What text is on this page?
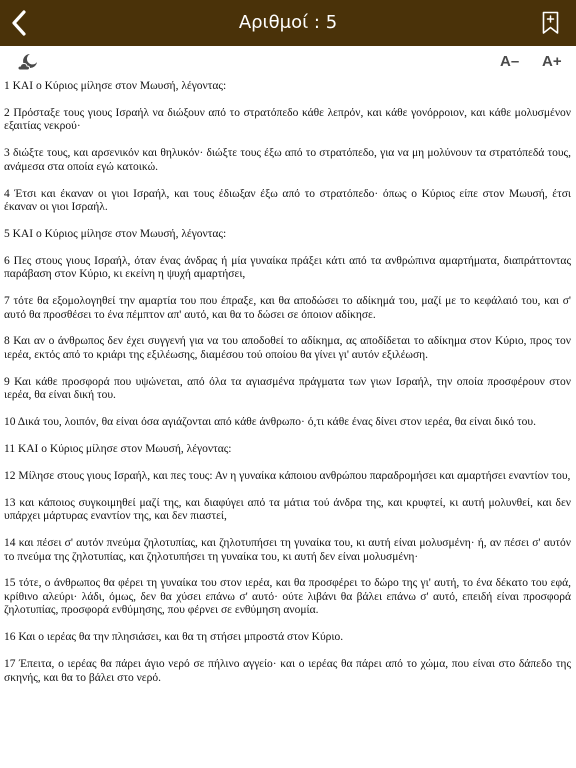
Αριθμοί : 5
A– A+

1 ΚΑΙ ο Κύριος μίλησε στον Μωυσή, λέγοντας:

2 Πρόσταξε τους γιους Ισραήλ να διώξουν από το στρατόπεδο κάθε λεπρόν, και κάθε γονόρροιον, και κάθε μολυσμένον εξαιτίας νεκρού·

3 διώξτε τους, και αρσενικόν και θηλυκόν· διώξτε τους έξω από το στρατόπεδο, για να μη μολύνουν τα στρατόπεδά τους, ανάμεσα στα οποία εγώ κατοικώ.

4 Έτσι και έκαναν οι γιοι Ισραήλ, και τους έδιωξαν έξω από το στρατόπεδο· όπως ο Κύριος είπε στον Μωυσή, έτσι έκαναν οι γιοι Ισραήλ.

5 ΚΑΙ ο Κύριος μίλησε στον Μωυσή, λέγοντας:

6 Πες στους γιους Ισραήλ, όταν ένας άνδρας ή μία γυναίκα πράξει κάτι από τα ανθρώπινα αμαρτήματα, διαπράττοντας παράβαση στον Κύριο, κι εκείνη η ψυχή αμαρτήσει,

7 τότε θα εξομολογηθεί την αμαρτία του που έπραξε, και θα αποδώσει το αδίκημά του, μαζί με το κεφάλαιό του, και σ' αυτό θα προσθέσει το ένα πέμπτον απ' αυτό, και θα το δώσει σε όποιον αδίκησε.

8 Και αν ο άνθρωπος δεν έχει συγγενή για να του αποδοθεί το αδίκημα, ας αποδίδεται το αδίκημα στον Κύριο, προς τον ιερέα, εκτός από το κριάρι της εξιλέωσης, διαμέσου τού οποίου θα γίνει γι' αυτόν εξιλέωση.

9 Και κάθε προσφορά που υψώνεται, από όλα τα αγιασμένα πράγματα των γιων Ισραήλ, την οποία προσφέρουν στον ιερέα, θα είναι δική του.

10 Δικά του, λοιπόν, θα είναι όσα αγιάζονται από κάθε άνθρωπο· ό,τι κάθε ένας δίνει στον ιερέα, θα είναι δικό του.

11 ΚΑΙ ο Κύριος μίλησε στον Μωυσή, λέγοντας:

12 Μίλησε στους γιους Ισραήλ, και πες τους: Αν η γυναίκα κάποιου ανθρώπου παραδρομήσει και αμαρτήσει εναντίον του,

13 και κάποιος συγκοιμηθεί μαζί της, και διαφύγει από τα μάτια τού άνδρα της, και κρυφτεί, κι αυτή μολυνθεί, και δεν υπάρχει μάρτυρας εναντίον της, και δεν πιαστεί,

14 και πέσει σ' αυτόν πνεύμα ζηλοτυπίας, και ζηλοτυπήσει τη γυναίκα του, κι αυτή είναι μολυσμένη· ή, αν πέσει σ' αυτόν το πνεύμα της ζηλοτυπίας, και ζηλοτυπήσει τη γυναίκα του, κι αυτή δεν είναι μολυσμένη·

15 τότε, ο άνθρωπος θα φέρει τη γυναίκα του στον ιερέα, και θα προσφέρει το δώρο της γι' αυτή, το ένα δέκατο του εφά, κρίθινο αλεύρι· λάδι, όμως, δεν θα χύσει επάνω σ' αυτό· ούτε λιβάνι θα βάλει επάνω σ' αυτό, επειδή είναι προσφορά ζηλοτυπίας, προσφορά ενθύμησης, που φέρνει σε ενθύμηση ανομία.

16 Και ο ιερέας θα την πλησιάσει, και θα τη στήσει μπροστά στον Κύριο.

17 Έπειτα, ο ιερέας θα πάρει άγιο νερό σε πήλινο αγγείο· και ο ιερέας θα πάρει από το χώμα, που είναι στο δάπεδο της σκηνής, και θα το βάλει στο νερό.
